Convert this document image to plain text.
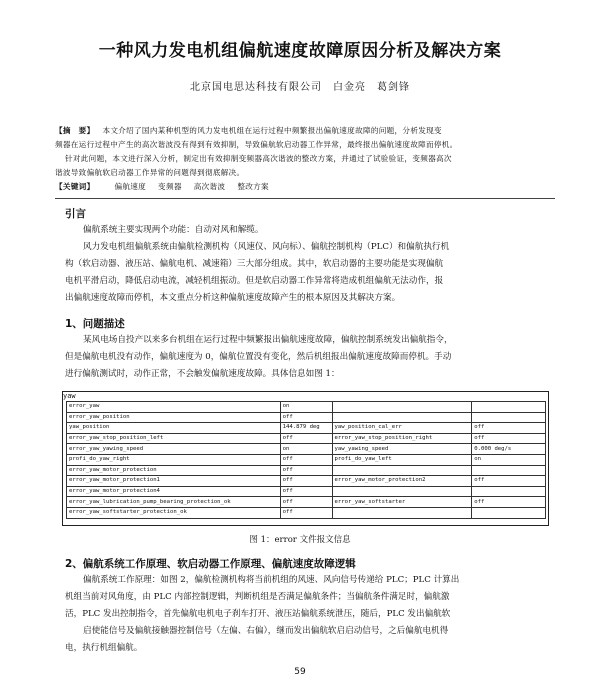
一种风力发电机组偏航速度故障原因分析及解决方案
北京国电思达科技有限公司　白金亮　葛剑锋
【摘　要】 本文介绍了国内某种机型的风力发电机组在运行过程中频繁报出偏航速度故障的问题，分析发现变
频器在运行过程中产生的高次谐波没有得到有效抑制，导致偏航软启动器工作异常，最终报出偏航速度故障而停机。
针对此问题，本文进行深入分析，制定出有效抑制变频器高次谐波的整改方案，并通过了试验验证，变频器高次
谐波导致偏航软启动器工作异常的问题得到彻底解决。
【关键词】	偏航速度 变频器 高次谐波 整改方案
引言
偏航系统主要实现两个功能：自动对风和解缆。
风力发电机组偏航系统由偏航检测机构（风速仪、风向标）、偏航控制机构（PLC）和偏航执行机
构（软启动器、液压站、偏航电机、减速箱）三大部分组成。其中，软启动器的主要功能是实现偏航
电机平滑启动，降低启动电流，减轻机组振动。但是软启动器工作异常将造成机组偏航无法动作，报
出偏航速度故障而停机，本文重点分析这种偏航速度故障产生的根本原因及其解决方案。
1、问题描述
某风电场自投产以来多台机组在运行过程中频繁报出偏航速度故障，偏航控制系统发出偏航指令，
但是偏航电机没有动作，偏航速度为 0，偏航位置没有变化，然后机组报出偏航速度故障而停机。手动
进行偏航测试时，动作正常，不会触发偏航速度故障。具体信息如图 1：
error_yaw	on		
error_yaw_position	off		
yaw_position	144.879 deg	yaw_position_cal_err	off
error_yaw_stop_position_left	off	error_yaw_stop_position_right	off
error_yaw_yawing_speed	on	yaw_yawing_speed	0.000 deg/s
profi_do_yaw_right	off	profi_do_yaw_left	on
error_yaw_motor_protection	off		
error_yaw_motor_protection1	off	error_yaw_motor_protection2	off
error_yaw_motor_protection4	off		
error_yaw_lubrication_pump_bearing_protection_ok	off	error_yaw_softstarter	off
error_yaw_softstarter_protection_ok	off		
yaw
图 1：error 文件报文信息
2、偏航系统工作原理、软启动器工作原理、偏航速度故障逻辑
偏航系统工作原理：如图 2，偏航检测机构将当前机组的风速、风向信号传递给 PLC；PLC 计算出
机组当前对风角度，由 PLC 内部控制逻辑，判断机组是否满足偏航条件；当偏航条件满足时，偏航激
活，PLC 发出控制指令，首先偏航电机电子刹车打开、液压站偏航系统泄压，随后，PLC 发出偏航软
启使能信号及偏航接触器控制信号（左偏、右偏），继而发出偏航软启启动信号，之后偏航电机得
电，执行机组偏航。
59
